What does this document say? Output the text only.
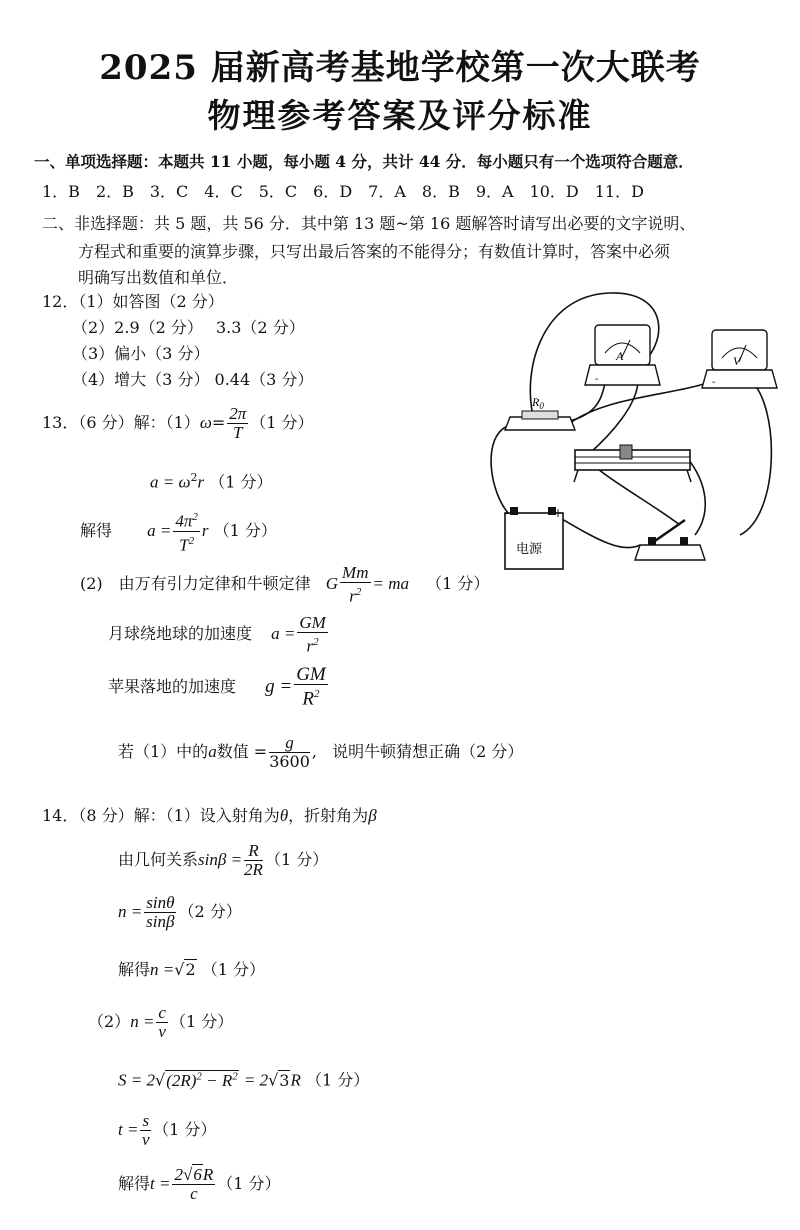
2025 届新高考基地学校第一次大联考
物理参考答案及评分标准
一、单项选择题：本题共 11 小题，每小题 4 分，共计 44 分．每小题只有一个选项符合题意．
1．B　2．B　3．C　4．C　5．C　6．D　7．A　8．B　9．A　10．D　11．D
二、非选择题：共 5 题，共 56 分．其中第 13 题~第 16 题解答时请写出必要的文字说明、
方程式和重要的演算步骤，只写出最后答案的不能得分；有数值计算时，答案中必须
明确写出数值和单位．
12．（1）如答图（2 分）
（2）2.9（2 分）　 3.3（2 分）
（3）偏小（3 分）
（4）增大（3 分） 0.44（3 分）
13．（6 分）解：$(1)\omega= \frac{2\pi}{T} (1$ 分）
$a = \omega^2r$ （1 分）
解得 $a = \frac{4\pi^2}{T^2}$ r （1 分）
(2)　由万有引力定律和牛顿定律 G $\frac{Mm}{r^2}$ = ma （1 分）
月球绕地球的加速度 $a = \frac{GM}{r^2}$
苹果落地的加速度 $g = \frac{GM}{R^2}$
若（1）中的a数值 = $\frac{g}{3600}$ , 说明牛顿猜想正确（2 分）
14．（8 分）解：（1）设入射角为θ，折射角为β
由几何关系$\sin\beta = \frac{R}{2R} (1$ 分）
$n = \frac{\sin\theta}{\sin\beta} (2$ 分）
解得n =√2 （1 分）
$(2)n = \frac{c}{v} (1$ 分）
$S = 2√(2R)^2 - R^2 = 2√3R$ （1 分）
$t = \frac{s}{v} (1$ 分）
解得$t = \frac{2√6R}{c} (1$ 分）
A
-
V
-
$R_0$
-	+
电源
